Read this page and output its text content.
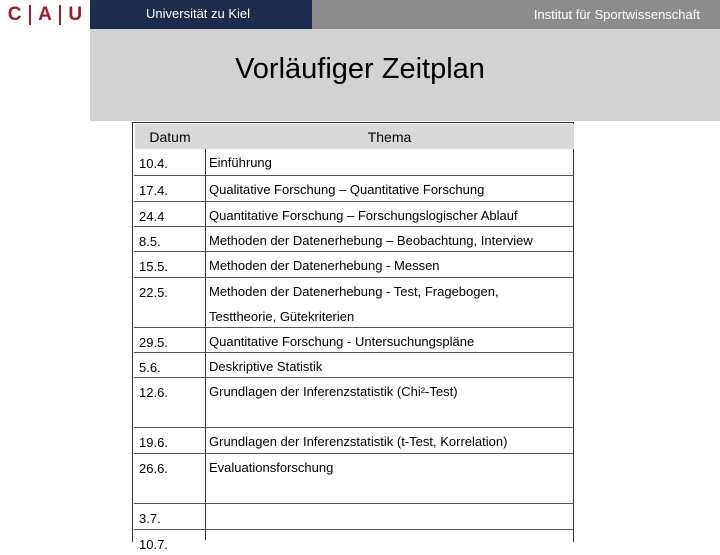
C A U	Universität zu Kiel	Institut für Sportwissenschaft
Vorläufiger Zeitplan
Datum	Thema
10.4.	Einführung
17.4.	Qualitative Forschung – Quantitative Forschung
24.4	Quantitative Forschung – Forschungslogischer Ablauf
8.5.	Methoden der Datenerhebung – Beobachtung, Interview
15.5.	Methoden der Datenerhebung - Messen
22.5.	Methoden der Datenerhebung - Test, Fragebogen,
Testtheorie, Gütekriterien
29.5.	Quantitative Forschung - Untersuchungspläne
5.6.	Deskriptive Statistik
12.6.	Grundlagen der Inferenzstatistik (Chi²-Test)
19.6.	Grundlagen der Inferenzstatistik (t-Test, Korrelation)
26.6.	Evaluationsforschung
3.7.
10.7.
